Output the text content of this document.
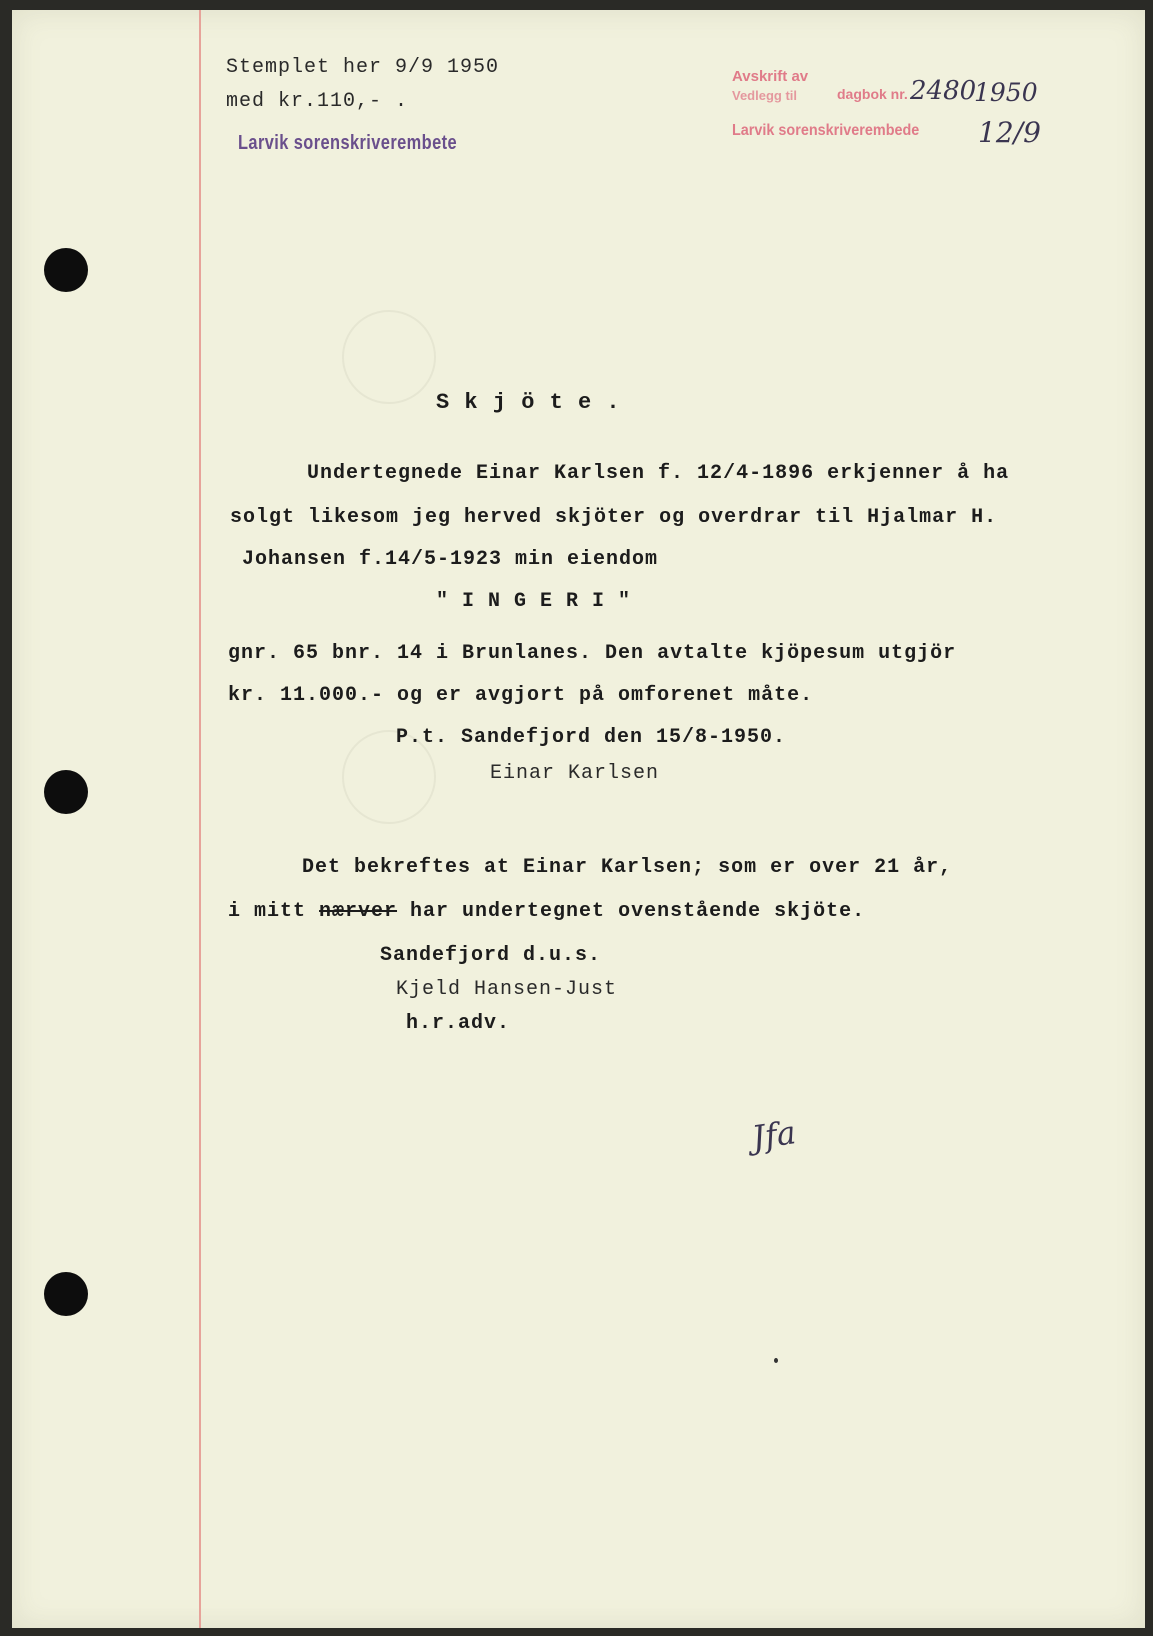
Stemplet her 9/9 1950
med kr.110,- .
Larvik sorenskriverembete
Avskrift av
dagbok nr.
Vedlegg til
Larvik sorenskriverembede
2480
1950
12/9
S k j ö t e .
Undertegnede Einar Karlsen f. 12/4-1896 erkjenner å ha
solgt likesom jeg herved skjöter og overdrar til Hjalmar H.
Johansen f.14/5-1923 min eiendom
" I N G E R I "
gnr. 65 bnr. 14 i Brunlanes. Den avtalte kjöpesum utgjör
kr. 11.000.- og er avgjort på omforenet måte.
P.t. Sandefjord den 15/8-1950.
Einar Karlsen
Det bekreftes at Einar Karlsen; som er over 21 år,
i mitt nærver har undertegnet ovenstående skjöte.
Sandefjord d.u.s.
Kjeld Hansen-Just
h.r.adv.
Jfa
